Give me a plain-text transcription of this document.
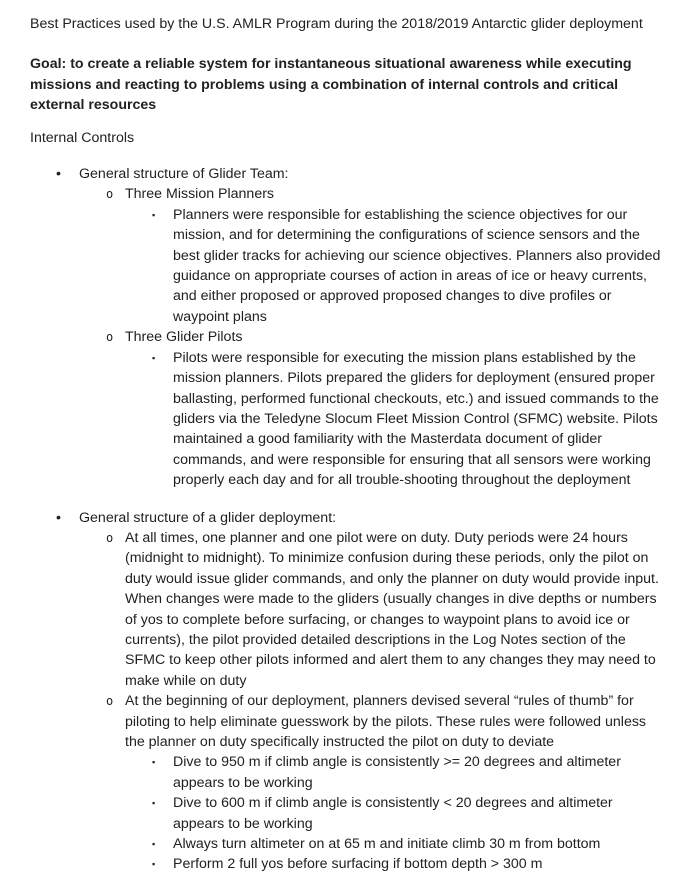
Best Practices used by the U.S. AMLR Program during the 2018/2019 Antarctic glider deployment

Goal: to create a reliable system for instantaneous situational awareness while executing missions and reacting to problems using a combination of internal controls and critical external resources

Internal Controls

•	General structure of Glider Team:
o Three Mission Planners
▪	Planners were responsible for establishing the science objectives for our mission, and for determining the configurations of science sensors and the best glider tracks for achieving our science objectives. Planners also provided guidance on appropriate courses of action in areas of ice or heavy currents, and either proposed or approved proposed changes to dive profiles or waypoint plans
o Three Glider Pilots
▪	Pilots were responsible for executing the mission plans established by the mission planners. Pilots prepared the gliders for deployment (ensured proper ballasting, performed functional checkouts, etc.) and issued commands to the gliders via the Teledyne Slocum Fleet Mission Control (SFMC) website. Pilots maintained a good familiarity with the Masterdata document of glider commands, and were responsible for ensuring that all sensors were working properly each day and for all trouble-shooting throughout the deployment
•	General structure of a glider deployment:
o At all times, one planner and one pilot were on duty. Duty periods were 24 hours (midnight to midnight). To minimize confusion during these periods, only the pilot on duty would issue glider commands, and only the planner on duty would provide input. When changes were made to the gliders (usually changes in dive depths or numbers of yos to complete before surfacing, or changes to waypoint plans to avoid ice or currents), the pilot provided detailed descriptions in the Log Notes section of the SFMC to keep other pilots informed and alert them to any changes they may need to make while on duty
o At the beginning of our deployment, planners devised several “rules of thumb” for piloting to help eliminate guesswork by the pilots. These rules were followed unless the planner on duty specifically instructed the pilot on duty to deviate
▪	Dive to 950 m if climb angle is consistently >= 20 degrees and altimeter appears to be working
▪	Dive to 600 m if climb angle is consistently < 20 degrees and altimeter appears to be working
▪	Always turn altimeter on at 65 m and initiate climb 30 m from bottom
▪	Perform 2 full yos before surfacing if bottom depth > 300 m
